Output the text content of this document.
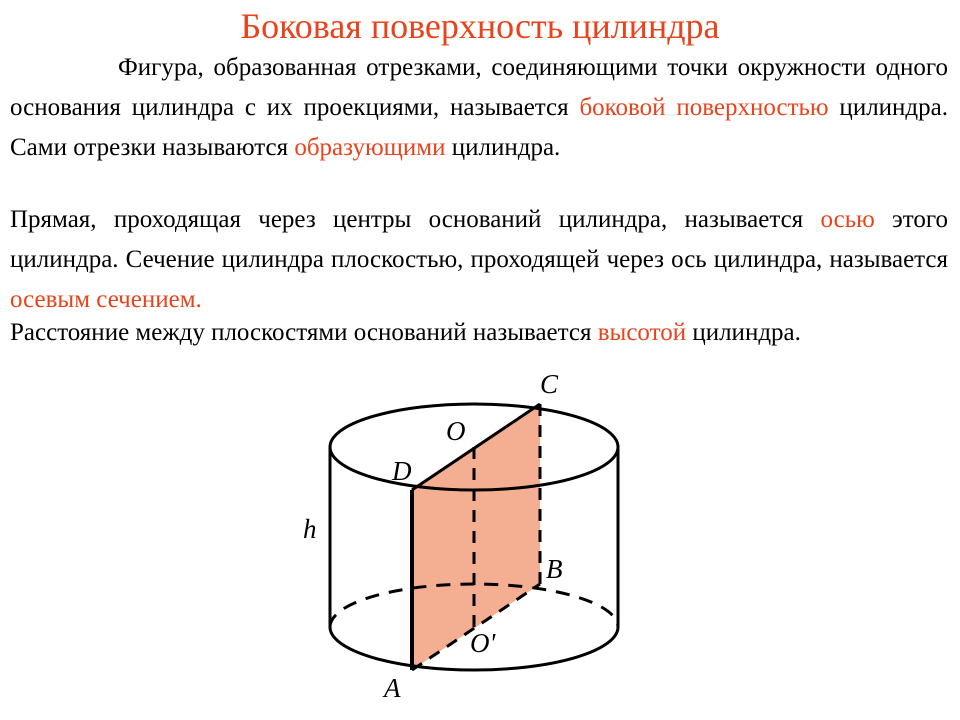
Боковая поверхность цилиндра

Фигура, образованная отрезками, соединяющими точки окружности одного основания цилиндра с их проекциями, называется боковой поверхностью цилиндра. Сами отрезки называются образующими цилиндра.

Прямая, проходящая через центры оснований цилиндра, называется осью этого цилиндра. Сечение цилиндра плоскостью, проходящей через ось цилиндра, называется осевым сечением.

Расстояние между плоскостями оснований называется высотой цилиндра.

C
O
D
h
B
O'
A
